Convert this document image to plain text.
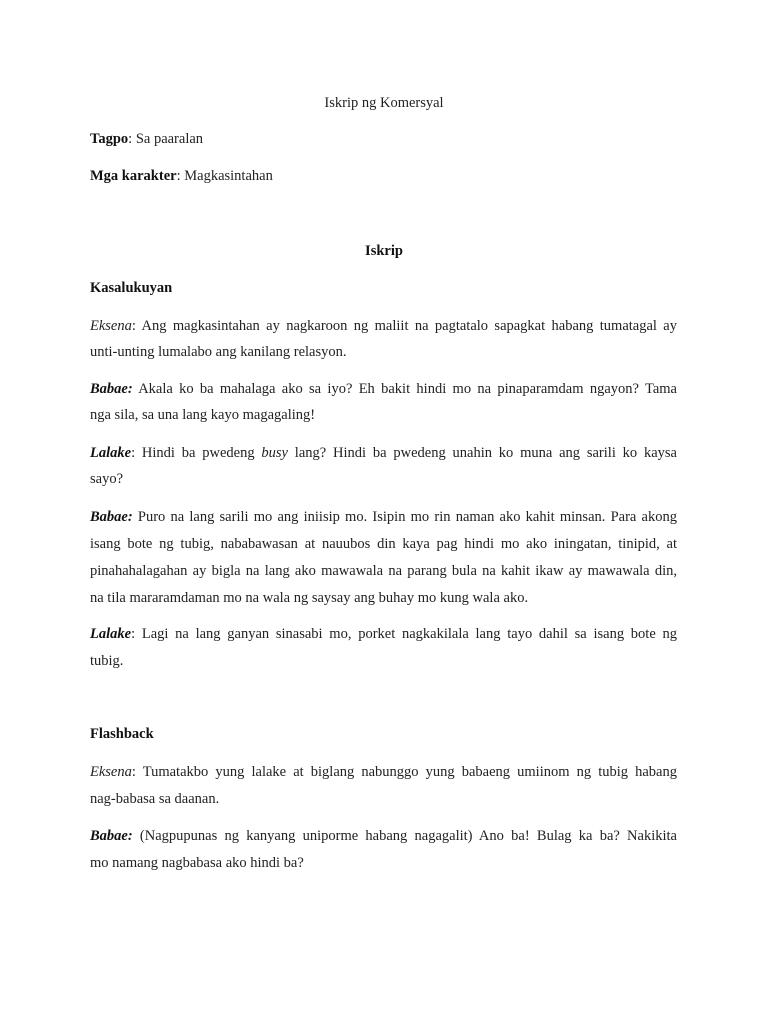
Iskrip ng Komersyal
Tagpo: Sa paaralan
Mga karakter: Magkasintahan
Iskrip
Kasalukuyan
Eksena: Ang magkasintahan ay nagkaroon ng maliit na pagtatalo sapagkat habang tumatagal ay
unti-unting lumalabo ang kanilang relasyon.
Babae: Akala ko ba mahalaga ako sa iyo? Eh bakit hindi mo na pinaparamdam ngayon? Tama
nga sila, sa una lang kayo magagaling!
Lalake: Hindi ba pwedeng busy lang? Hindi ba pwedeng unahin ko muna ang sarili ko kaysa
sayo?
Babae: Puro na lang sarili mo ang iniisip mo. Isipin mo rin naman ako kahit minsan. Para akong
isang bote ng tubig, nababawasan at nauubos din kaya pag hindi mo ako iningatan, tinipid, at
pinahahalagahan ay bigla na lang ako mawawala na parang bula na kahit ikaw ay mawawala din,
na tila mararamdaman mo na wala ng saysay ang buhay mo kung wala ako.
Lalake: Lagi na lang ganyan sinasabi mo, porket nagkakilala lang tayo dahil sa isang bote ng
tubig.
Flashback
Eksena: Tumatakbo yung lalake at biglang nabunggo yung babaeng umiinom ng tubig habang
nag-babasa sa daanan.
Babae: (Nagpupunas ng kanyang uniporme habang nagagalit) Ano ba! Bulag ka ba? Nakikita
mo namang nagbabasa ako hindi ba?
